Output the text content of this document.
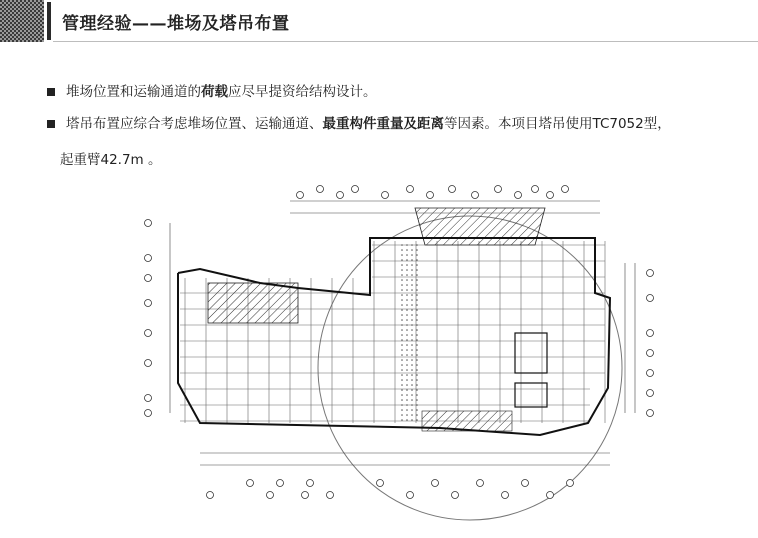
管理经验——堆场及塔吊布置
堆场位置和运输通道的荷载应尽早提资给结构设计。
塔吊布置应综合考虑堆场位置、运输通道、最重构件重量及距离等因素。本项目塔吊使用TC7052型，
起重臂42.7m 。
